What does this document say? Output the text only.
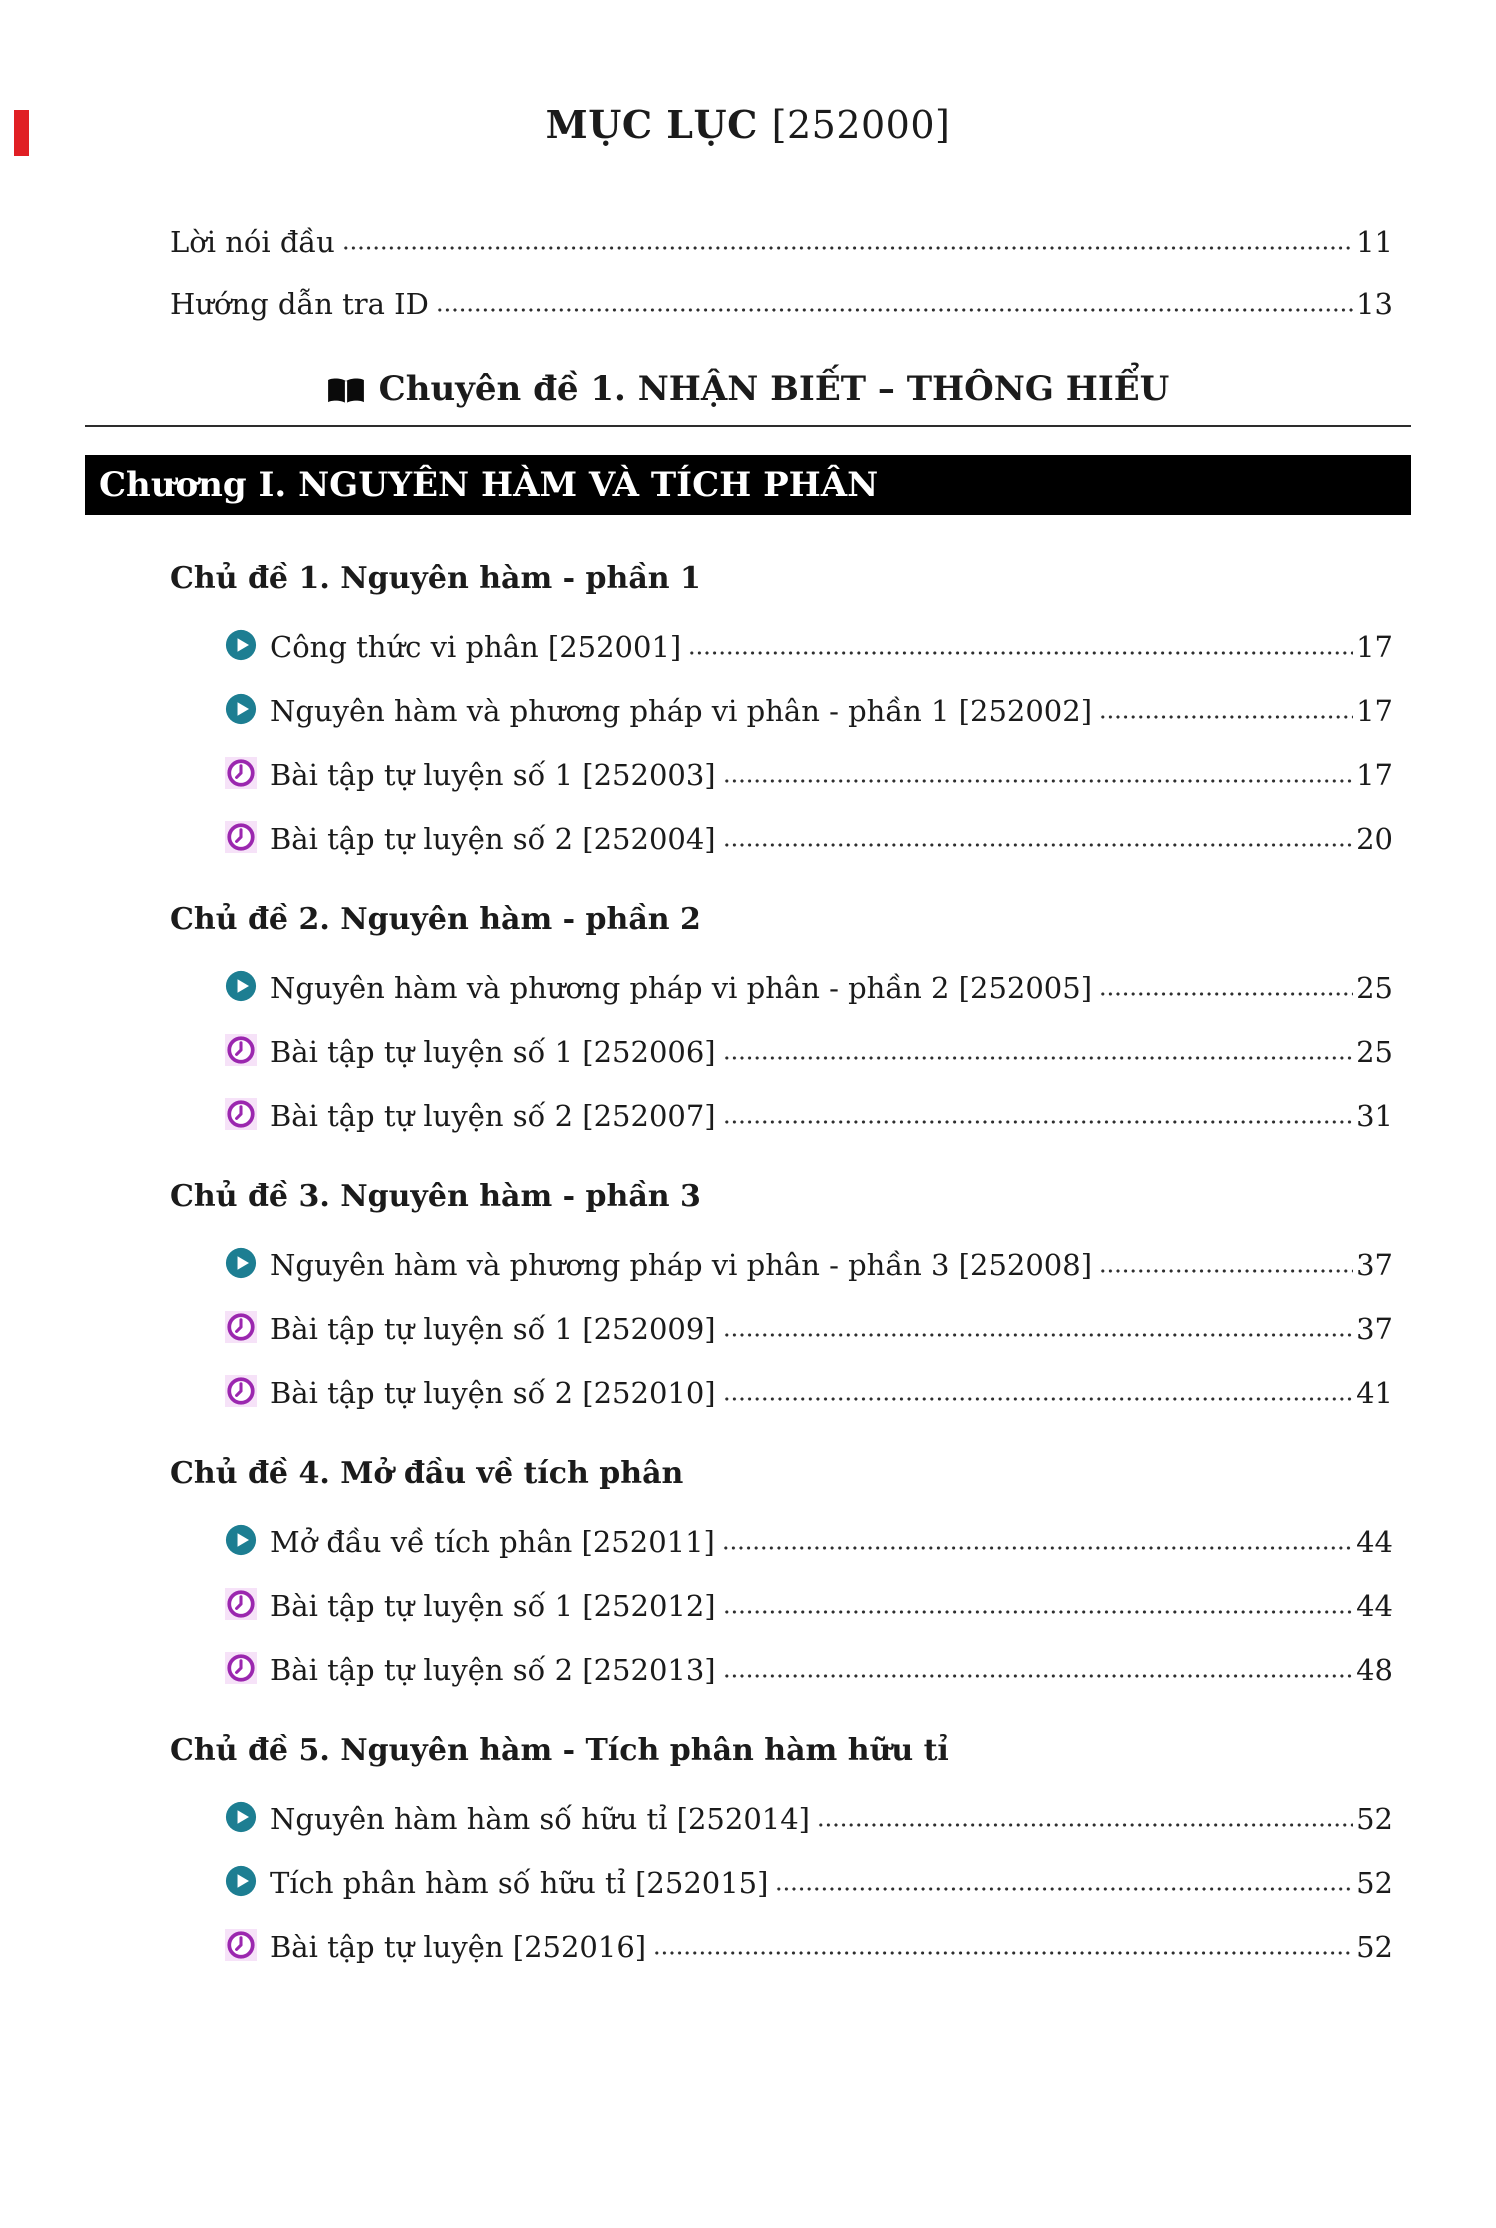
MỤC LỤC [252000]
Lời nói đầu	11
Hướng dẫn tra ID	13
Chuyên đề 1. NHẬN BIẾT – THÔNG HIỂU
Chương I. NGUYÊN HÀM VÀ TÍCH PHÂN
Chủ đề 1. Nguyên hàm - phần 1
Công thức vi phân [252001]	17
Nguyên hàm và phương pháp vi phân - phần 1 [252002]	17
Bài tập tự luyện số 1 [252003]	17
Bài tập tự luyện số 2 [252004]	20
Chủ đề 2. Nguyên hàm - phần 2
Nguyên hàm và phương pháp vi phân - phần 2 [252005]	25
Bài tập tự luyện số 1 [252006]	25
Bài tập tự luyện số 2 [252007]	31
Chủ đề 3. Nguyên hàm - phần 3
Nguyên hàm và phương pháp vi phân - phần 3 [252008]	37
Bài tập tự luyện số 1 [252009]	37
Bài tập tự luyện số 2 [252010]	41
Chủ đề 4. Mở đầu về tích phân
Mở đầu về tích phân [252011]	44
Bài tập tự luyện số 1 [252012]	44
Bài tập tự luyện số 2 [252013]	48
Chủ đề 5. Nguyên hàm - Tích phân hàm hữu tỉ
Nguyên hàm hàm số hữu tỉ [252014]	52
Tích phân hàm số hữu tỉ [252015]	52
Bài tập tự luyện [252016]	52
